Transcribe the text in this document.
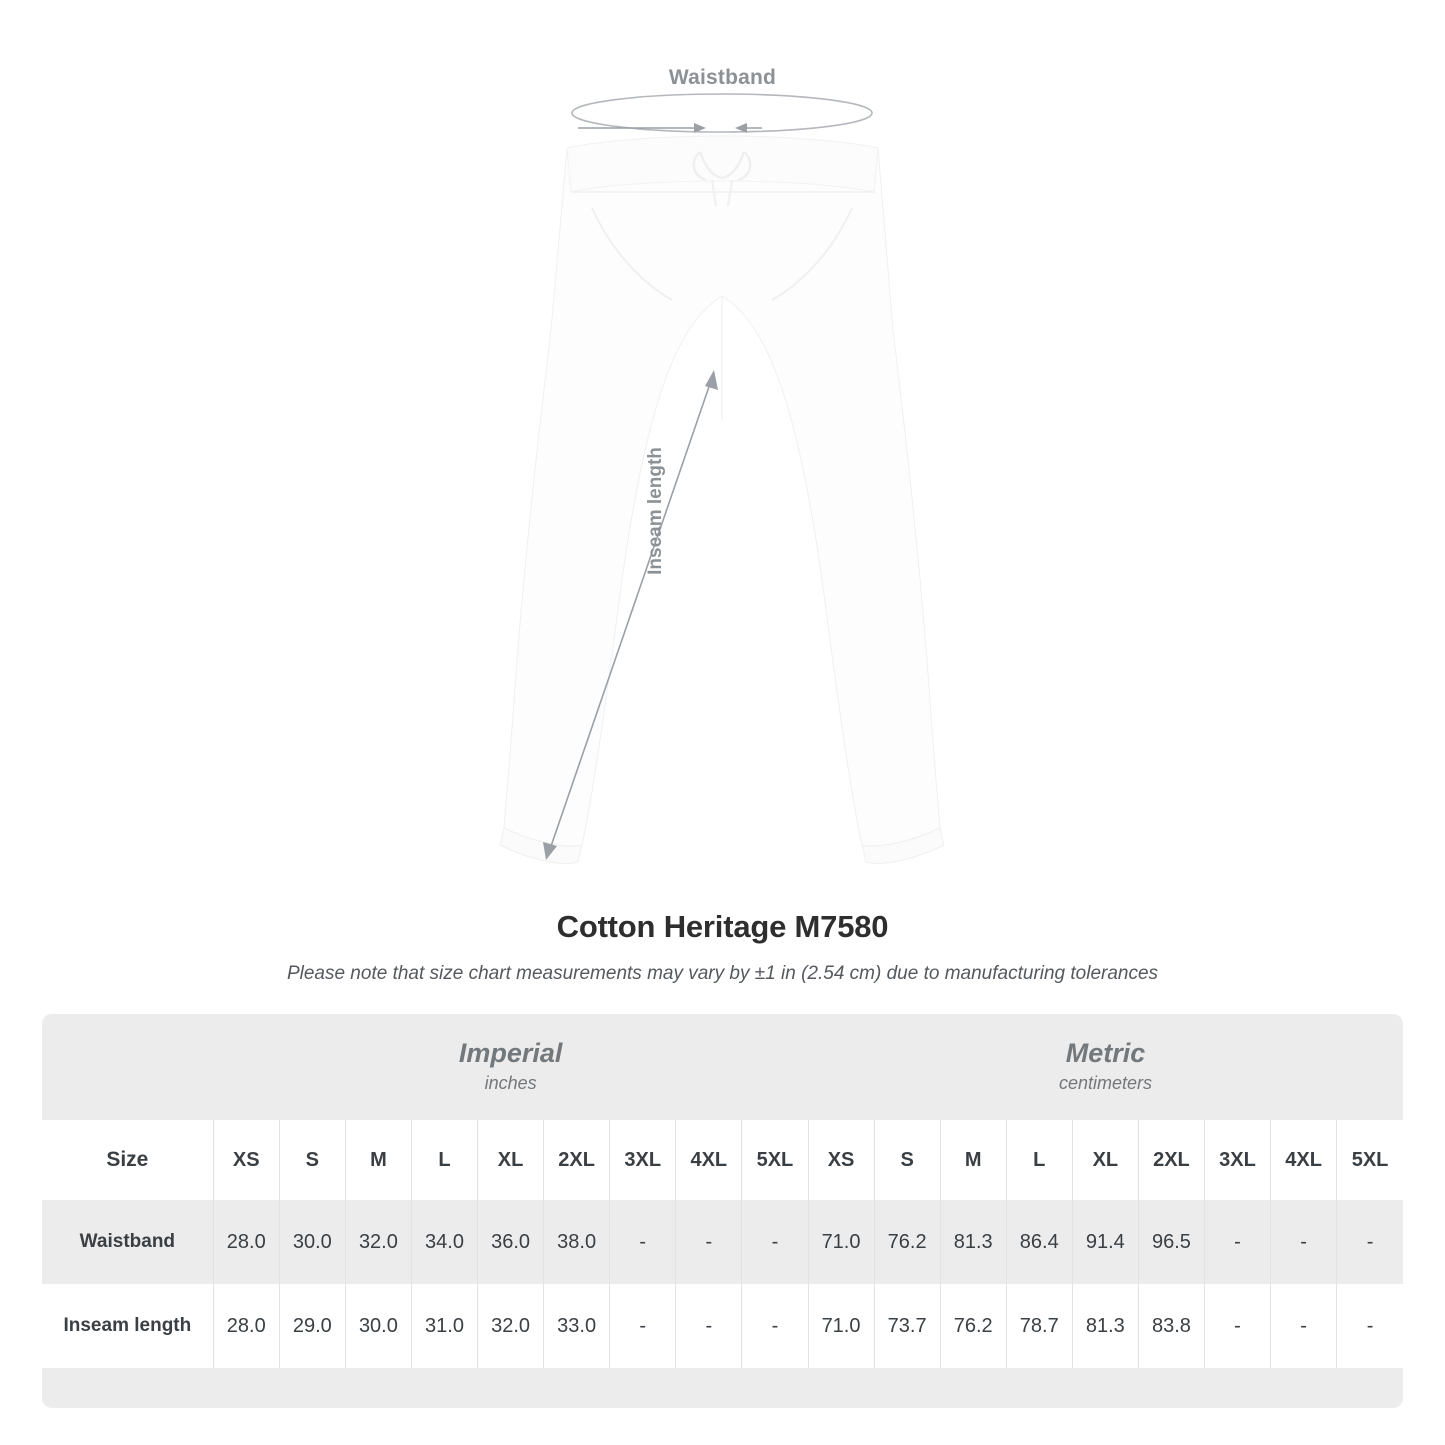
Waistband
Inseam length
Cotton Heritage M7580
Please note that size chart measurements may vary by ±1 in (2.54 cm) due to manufacturing tolerances

Imperial
inches

Metric
centimeters

Size	XS	S	M	L	XL	2XL	3XL	4XL	5XL	XS	S	M	L	XL	2XL	3XL	4XL	5XL
Waistband	28.0	30.0	32.0	34.0	36.0	38.0	-	-	-	71.0	76.2	81.3	86.4	91.4	96.5	-	-	-
Inseam length	28.0	29.0	30.0	31.0	32.0	33.0	-	-	-	71.0	73.7	76.2	78.7	81.3	83.8	-	-	-
